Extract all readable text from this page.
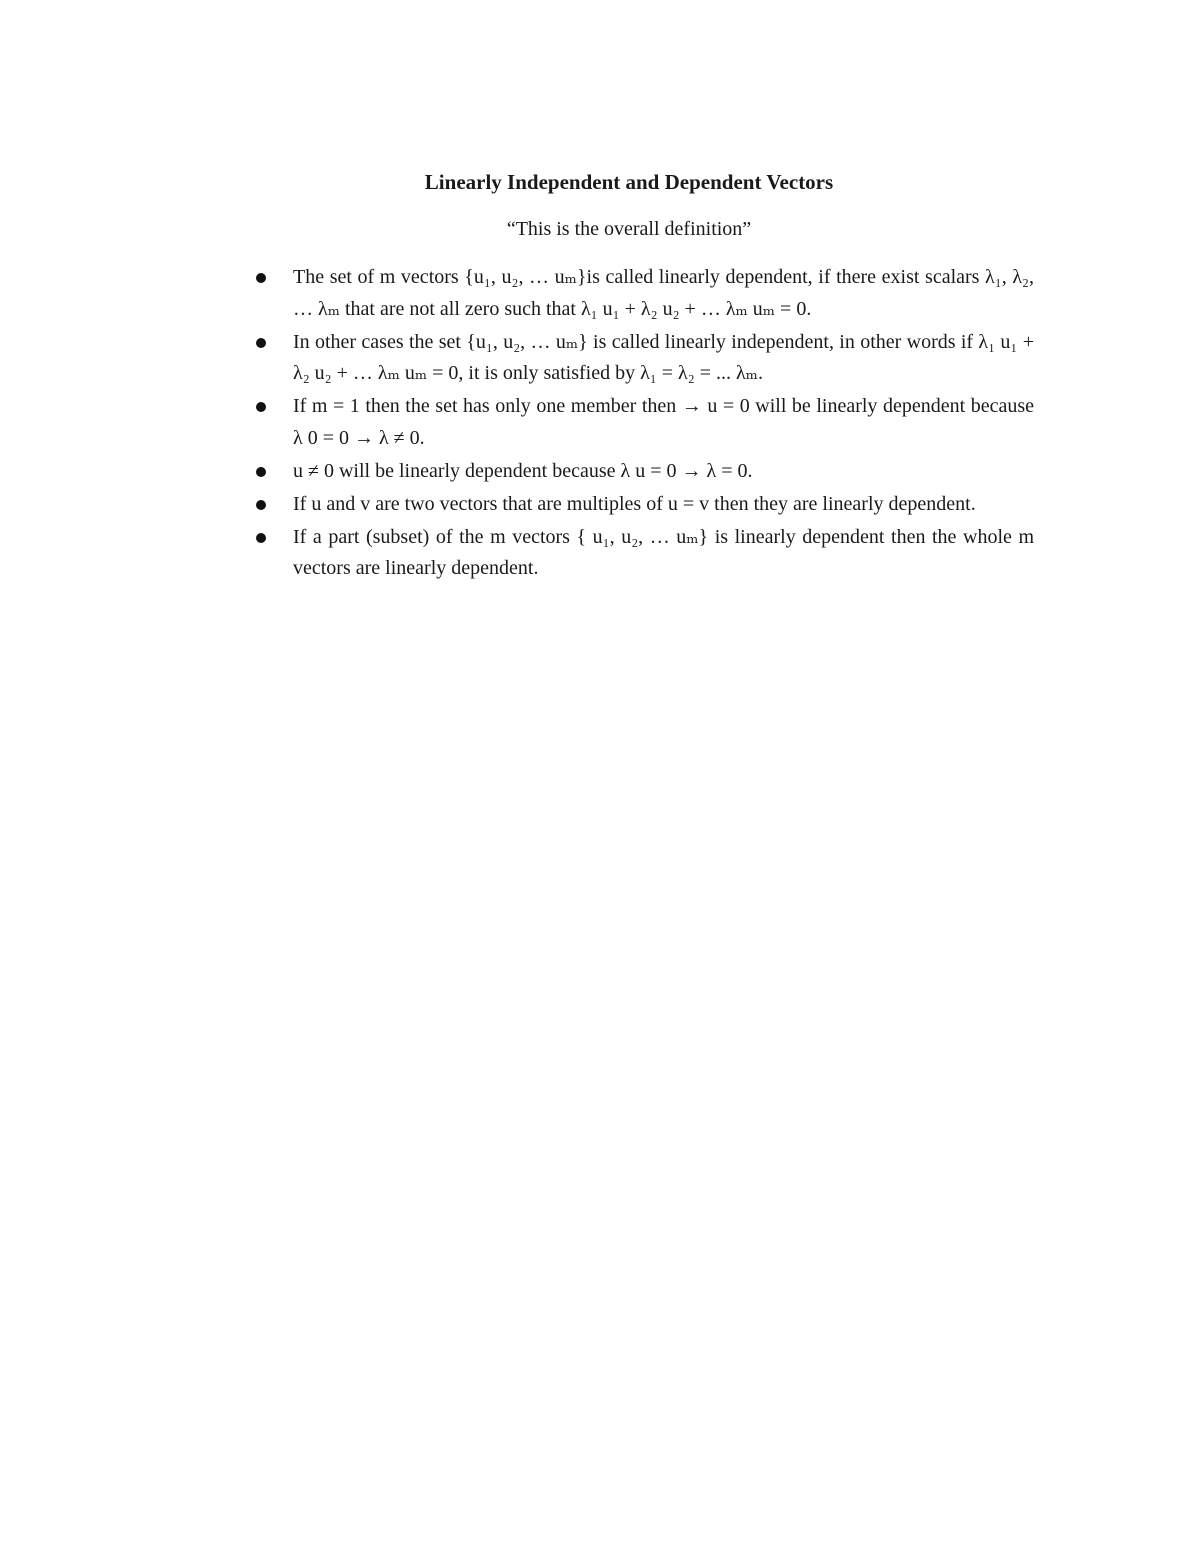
Linearly Independent and Dependent Vectors
“This is the overall definition”
The set of m vectors {u₁, u₂, … uₘ}is called linearly dependent, if there exist scalars λ₁, λ₂, … λₘ that are not all zero such that λ₁ u₁ + λ₂ u₂ + … λₘ uₘ = 0.
In other cases the set {u₁, u₂, … uₘ} is called linearly independent, in other words if λ₁ u₁ + λ₂ u₂ + … λₘ uₘ = 0, it is only satisfied by λ₁ = λ₂ = ... λₘ.
If m = 1 then the set has only one member then → u = 0 will be linearly dependent because λ 0 = 0 → λ ≠ 0.
u ≠ 0 will be linearly dependent because λ u = 0 → λ = 0.
If u and v are two vectors that are multiples of u = v then they are linearly dependent.
If a part (subset) of the m vectors { u₁, u₂, … uₘ} is linearly dependent then the whole m vectors are linearly dependent.
